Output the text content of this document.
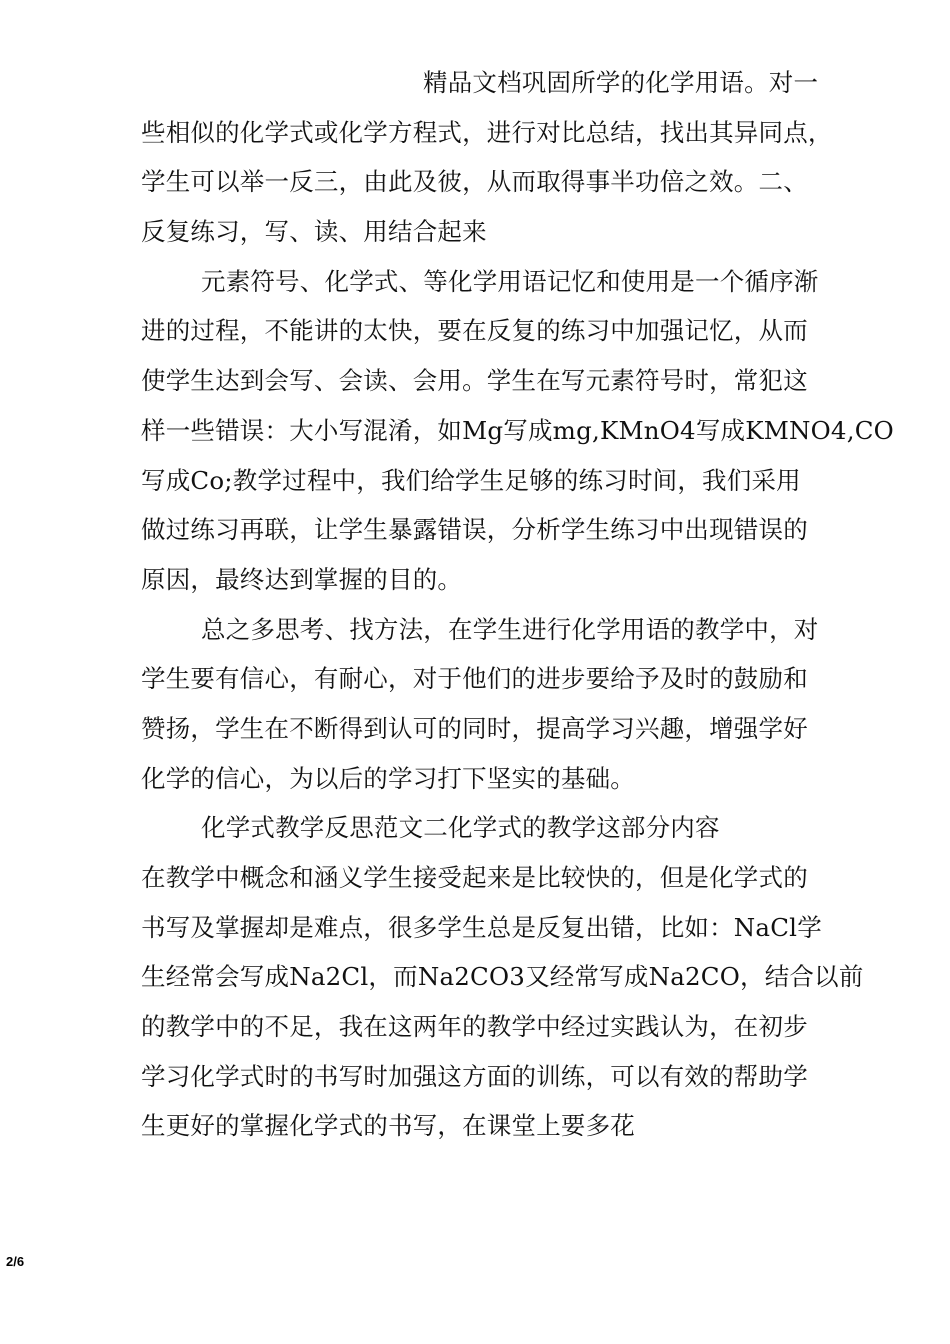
精品文档巩固所学的化学用语。对一
些相似的化学式或化学方程式，进行对比总结，找出其异同点，
学生可以举一反三，由此及彼，从而取得事半功倍之效。二、
反复练习，写、读、用结合起来
元素符号、化学式、等化学用语记忆和使用是一个循序渐
进的过程，不能讲的太快，要在反复的练习中加强记忆，从而
使学生达到会写、会读、会用。学生在写元素符号时，常犯这
样一些错误：大小写混淆，如Mg写成mg,KMnO4写成KMNO4,CO
写成Co;教学过程中，我们给学生足够的练习时间，我们采用
做过练习再联，让学生暴露错误，分析学生练习中出现错误的
原因，最终达到掌握的目的。
总之多思考、找方法，在学生进行化学用语的教学中，对
学生要有信心，有耐心，对于他们的进步要给予及时的鼓励和
赞扬，学生在不断得到认可的同时，提高学习兴趣，增强学好
化学的信心，为以后的学习打下坚实的基础。
化学式教学反思范文二化学式的教学这部分内容
在教学中概念和涵义学生接受起来是比较快的，但是化学式的
书写及掌握却是难点，很多学生总是反复出错，比如：NaCl学
生经常会写成Na2Cl，而Na2CO3又经常写成Na2CO，结合以前
的教学中的不足，我在这两年的教学中经过实践认为，在初步
学习化学式时的书写时加强这方面的训练，可以有效的帮助学
生更好的掌握化学式的书写，在课堂上要多花
2/6
